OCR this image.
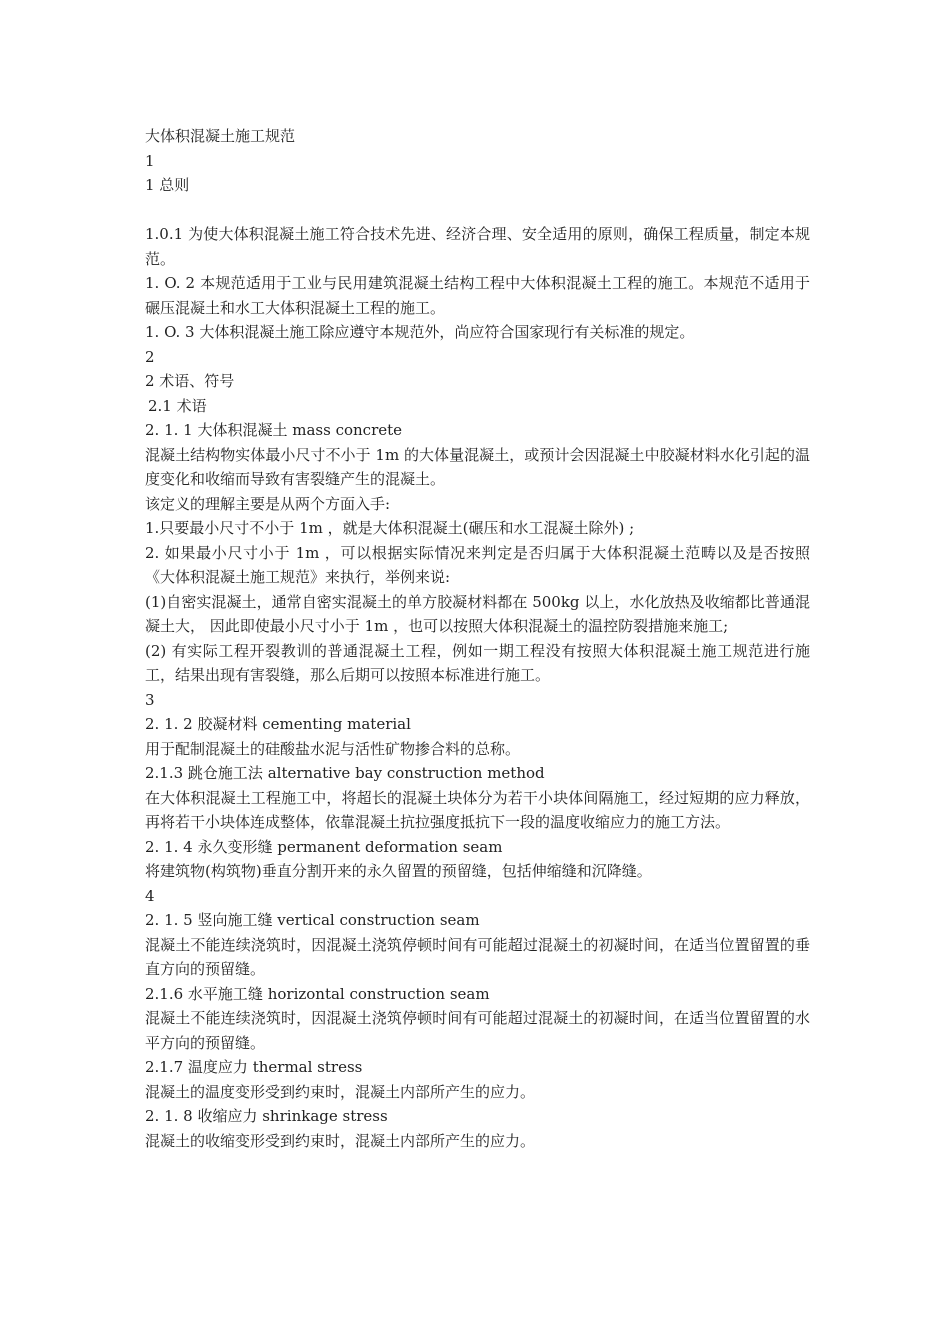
大体积混凝土施工规范

1

1 总则

1.0.1 为使大体积混凝土施工符合技术先进、经济合理、安全适用的原则，确保工程质量，制定本规范。

1. O. 2 本规范适用于工业与民用建筑混凝土结构工程中大体积混凝土工程的施工。本规范不适用于碾压混凝土和水工大体积混凝土工程的施工。

1. O. 3 大体积混凝土施工除应遵守本规范外，尚应符合国家现行有关标准的规定。

2

2 术语、符号

2.1 术语

2. 1. 1 大体积混凝土 mass concrete

混凝土结构物实体最小尺寸不小于 1m 的大体量混凝土，或预计会因混凝土中胶凝材料水化引起的温度变化和收缩而导致有害裂缝产生的混凝土。

该定义的理解主要是从两个方面入手:

1.只要最小尺寸不小于 1m ，就是大体积混凝土(碾压和水工混凝土除外) ;

2. 如果最小尺寸小于 1m ，可以根据实际情况来判定是否归属于大体积混凝土范畴以及是否按照《大体积混凝土施工规范》来执行，举例来说:

(1)自密实混凝土，通常自密实混凝土的单方胶凝材料都在 500kg 以上，水化放热及收缩都比普通混凝土大， 因此即使最小尺寸小于 1m ，也可以按照大体积混凝土的温控防裂措施来施工;

(2) 有实际工程开裂教训的普通混凝土工程，例如一期工程没有按照大体积混凝土施工规范进行施工，结果出现有害裂缝，那么后期可以按照本标准进行施工。

3

2. 1. 2 胶凝材料 cementing material

用于配制混凝土的硅酸盐水泥与活性矿物掺合料的总称。

2.1.3 跳仓施工法 alternative bay construction method

在大体积混凝土工程施工中，将超长的混凝土块体分为若干小块体间隔施工，经过短期的应力释放，再将若干小块体连成整体，依靠混凝土抗拉强度抵抗下一段的温度收缩应力的施工方法。

2. 1. 4 永久变形缝 permanent deformation seam

将建筑物(构筑物)垂直分割开来的永久留置的预留缝，包括伸缩缝和沉降缝。

4

2. 1. 5 竖向施工缝 vertical construction seam

混凝土不能连续浇筑时，因混凝土浇筑停顿时间有可能超过混凝土的初凝时间，在适当位置留置的垂直方向的预留缝。

2.1.6 水平施工缝 horizontal construction seam

混凝土不能连续浇筑时，因混凝土浇筑停顿时间有可能超过混凝土的初凝时间，在适当位置留置的水平方向的预留缝。

2.1.7 温度应力 thermal stress

混凝土的温度变形受到约束时，混凝土内部所产生的应力。

2. 1. 8 收缩应力 shrinkage stress

混凝土的收缩变形受到约束时，混凝土内部所产生的应力。
